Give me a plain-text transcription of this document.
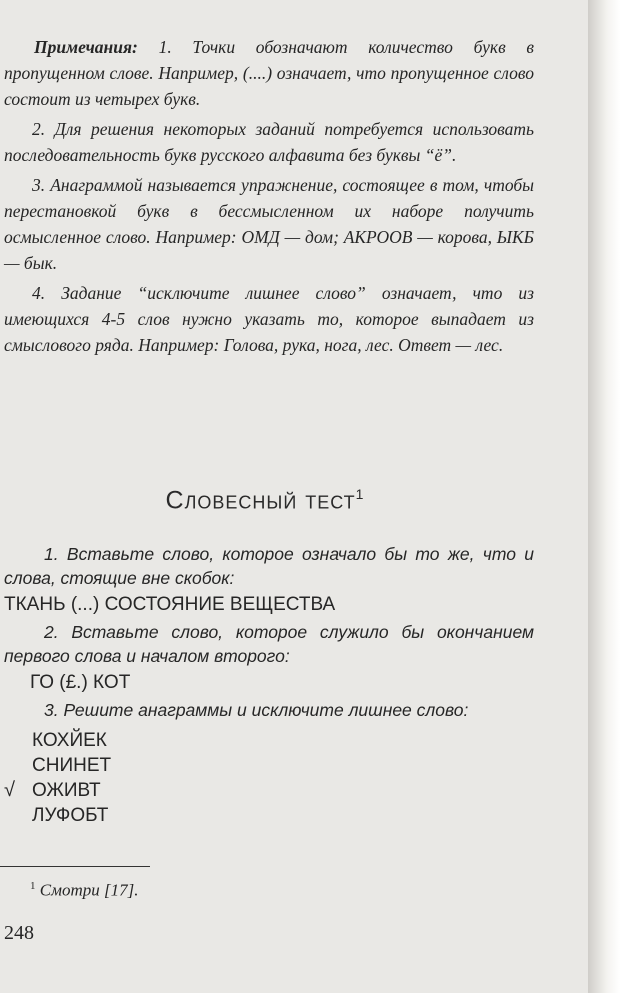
Примечания: 1. Точки обозначают количество букв в пропущенном слове. Например, (....) означает, что пропущенное слово состоит из четырех букв.

2. Для решения некоторых заданий потребуется использовать последовательность букв русского алфавита без буквы “ё”.

3. Анаграммой называется упражнение, состоящее в том, чтобы перестановкой букв в бессмысленном их наборе получить осмысленное слово. Например: ОМД — дом; АКРООВ — корова, ЫКБ — бык.

4. Задание “исключите лишнее слово” означает, что из имеющихся 4-5 слов нужно указать то, которое выпадает из смыслового ряда. Например: Голова, рука, нога, лес. Ответ — лес.

Словесный тест$^1$

1. Вставьте слово, которое означало бы то же, что и слова, стоящие вне скобок:

ТКАНЬ (...) СОСТОЯНИЕ ВЕЩЕСТВА

2. Вставьте слово, которое служило бы окончанием первого слова и началом второго:

ГО (£.) КОТ

3. Решите анаграммы и исключите лишнее слово:

КОХЙЕК
СНИНЕТ
√ ОЖИВТ
ЛУФОБТ
$^1$ Смотри [17].
248
